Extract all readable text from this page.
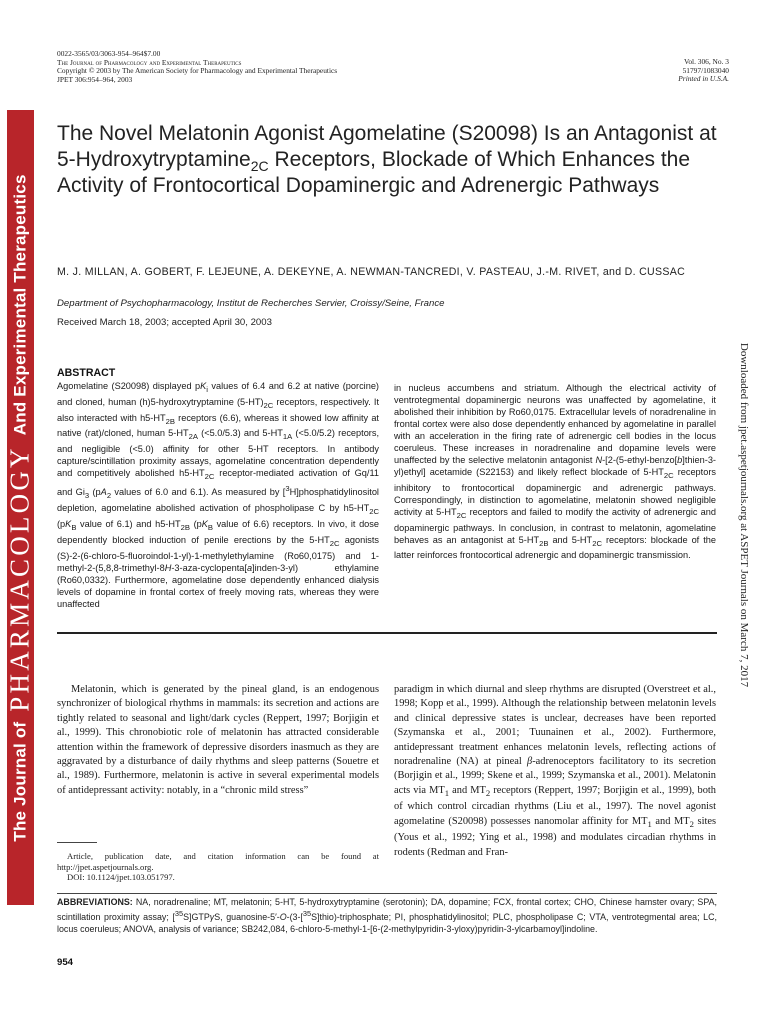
0022-3565/03/3063-954–964$7.00
The Journal of Pharmacology and Experimental Therapeutics
Copyright © 2003 by The American Society for Pharmacology and Experimental Therapeutics
JPET 306:954–964, 2003
Vol. 306, No. 3
51797/1083040
Printed in U.S.A.
The Journal of
PHARMACOLOGY
And Experimental Therapeutics
Downloaded from jpet.aspetjournals.org at ASPET Journals on March 7, 2017
The Novel Melatonin Agonist Agomelatine (S20098) Is an Antagonist at 5-Hydroxytryptamine$_{2C}$ Receptors, Blockade of Which Enhances the Activity of Frontocortical Dopaminergic and Adrenergic Pathways
M. J. MILLAN, A. GOBERT, F. LEJEUNE, A. DEKEYNE, A. NEWMAN-TANCREDI, V. PASTEAU, J.-M. RIVET, and D. CUSSAC
Department of Psychopharmacology, Institut de Recherches Servier, Croissy/Seine, France
Received March 18, 2003; accepted April 30, 2003
ABSTRACT

Agomelatine (S20098) displayed $pK_i$ values of 6.4 and 6.2 at native (porcine) and cloned, human (h)5-hydroxytryptamine $(5-HT)_{2C}$ receptors, respectively. It also interacted with $h5-HT_{2B}$ receptors (6.6), whereas it showed low affinity at native (rat)/cloned, human $5-HT_{2A}$ (<5.0/5.3) and $5-HT_{1A}$ (<5.0/5.2) receptors, and negligible (<5.0) affinity for other 5-HT receptors. In antibody capture/scintillation proximity assays, agomelatine concentration dependently and competitively abolished $h5-HT_{2C}$ receptor-mediated activation of Gq/11 and $Gi_3$ ($pA_2$ values of 6.0 and 6.1). As measured by [$^3$H]phosphatidylinositol depletion, agomelatine abolished activation of phospholipase C by $h5-HT_{2C}$ ($pK_B$ value of 6.1) and $h5-HT_{2B}$ ($pK_B$ value of 6.6) receptors. In vivo, it dose dependently blocked induction of penile erections by the $5-HT_{2C}$ agonists (S)-2-(6-chloro-5-fluoroindol-1-yl)-1-methylethylamine (Ro60,0175) and 1-methyl-2-(5,8,8-trimethyl-8H-3-aza-cyclopenta[a]inden-3-yl) ethylamine (Ro60,0332). Furthermore, agomelatine dose dependently enhanced dialysis levels of dopamine in frontal cortex of freely moving rats, whereas they were unaffected

in nucleus accumbens and striatum. Although the electrical activity of ventrotegmental dopaminergic neurons was unaffected by agomelatine, it abolished their inhibition by Ro60,0175. Extracellular levels of noradrenaline in frontal cortex were also dose dependently enhanced by agomelatine in parallel with an acceleration in the firing rate of adrenergic cell bodies in the locus coeruleus. These increases in noradrenaline and dopamine levels were unaffected by the selective melatonin antagonist N-[2-(5-ethyl-benzo[b]thien-3-yl)ethyl] acetamide (S22153) and likely reflect blockade of $5-HT_{2C}$ receptors inhibitory to frontocortical dopaminergic and adrenergic pathways. Correspondingly, in distinction to agomelatine, melatonin showed negligible activity at $5-HT_{2C}$ receptors and failed to modify the activity of adrenergic and dopaminergic pathways. In conclusion, in contrast to melatonin, agomelatine behaves as an antagonist at $5-HT_{2B}$ and $5-HT_{2C}$ receptors: blockade of the latter reinforces frontocortical adrenergic and dopaminergic transmission.

Melatonin, which is generated by the pineal gland, is an endogenous synchronizer of biological rhythms in mammals: its secretion and actions are tightly related to seasonal and light/dark cycles (Reppert, 1997; Borjigin et al., 1999). This chronobiotic role of melatonin has attracted considerable attention within the framework of depressive disorders inasmuch as they are aggravated by a disturbance of daily rhythms and sleep patterns (Souetre et al., 1989). Furthermore, melatonin is active in several experimental models of antidepressant activity: notably, in a “chronic mild stress”

paradigm in which diurnal and sleep rhythms are disrupted (Overstreet et al., 1998; Kopp et al., 1999). Although the relationship between melatonin levels and clinical depressive states is unclear, decreases have been reported (Szymanska et al., 2001; Tuunainen et al., 2002). Furthermore, antidepressant treatment enhances melatonin levels, reflecting actions of noradrenaline (NA) at pineal β-adrenoceptors facilitatory to its secretion (Borjigin et al., 1999; Skene et al., 1999; Szymanska et al., 2001). Melatonin acts via $MT_1$ and $MT_2$ receptors (Reppert, 1997; Borjigin et al., 1999), both of which control circadian rhythms (Liu et al., 1997). The novel agonist agomelatine (S20098) possesses nanomolar affinity for $MT_1$ and $MT_2$ sites (Yous et al., 1992; Ying et al., 1998) and modulates circadian rhythms in rodents (Redman and Fran-

Article, publication date, and citation information can be found at http://jpet.aspetjournals.org.

DOI: 10.1124/jpet.103.051797.

ABBREVIATIONS: NA, noradrenaline; MT, melatonin; 5-HT, 5-hydroxytryptamine (serotonin); DA, dopamine; FCX, frontal cortex; CHO, Chinese hamster ovary; SPA, scintillation proximity assay; [$^{35}$S]GTPγS, guanosine-5′-O-(3-[$^{35}$S]thio)-triphosphate; PI, phosphatidylinositol; PLC, phospholipase C; VTA, ventrotegmental area; LC, locus coeruleus; ANOVA, analysis of variance; SB242,084, 6-chloro-5-methyl-1-[6-(2-methylpyridin-3-yloxy)pyridin-3-ylcarbamoyl]indoline.
954
